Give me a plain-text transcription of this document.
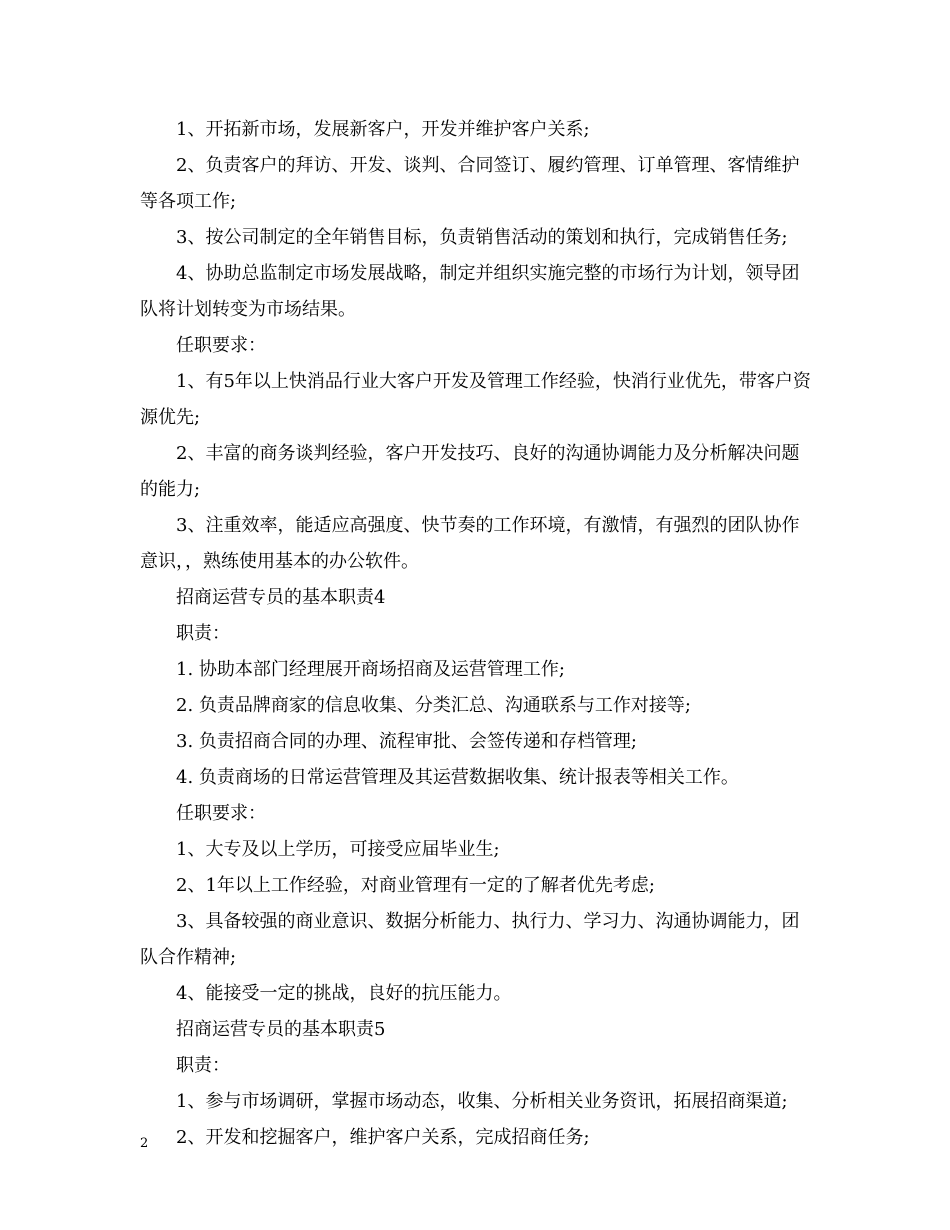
1、开拓新市场，发展新客户，开发并维护客户关系;

2、负责客户的拜访、开发、谈判、合同签订、履约管理、订单管理、客情维护等各项工作;

3、按公司制定的全年销售目标，负责销售活动的策划和执行，完成销售任务;

4、协助总监制定市场发展战略，制定并组织实施完整的市场行为计划，领导团队将计划转变为市场结果。

任职要求：

1、有5年以上快消品行业大客户开发及管理工作经验，快消行业优先，带客户资源优先;

2、丰富的商务谈判经验，客户开发技巧、良好的沟通协调能力及分析解决问题的能力;

3、注重效率，能适应高强度、快节奏的工作环境，有激情，有强烈的团队协作意识，，熟练使用基本的办公软件。

招商运营专员的基本职责4

职责：

1. 协助本部门经理展开商场招商及运营管理工作;

2. 负责品牌商家的信息收集、分类汇总、沟通联系与工作对接等;

3. 负责招商合同的办理、流程审批、会签传递和存档管理;

4. 负责商场的日常运营管理及其运营数据收集、统计报表等相关工作。

任职要求：

1、大专及以上学历，可接受应届毕业生;

2、1年以上工作经验，对商业管理有一定的了解者优先考虑;

3、具备较强的商业意识、数据分析能力、执行力、学习力、沟通协调能力，团队合作精神;

4、能接受一定的挑战，良好的抗压能力。

招商运营专员的基本职责5

职责：

1、参与市场调研，掌握市场动态，收集、分析相关业务资讯，拓展招商渠道;

2、开发和挖掘客户，维护客户关系，完成招商任务;

2
